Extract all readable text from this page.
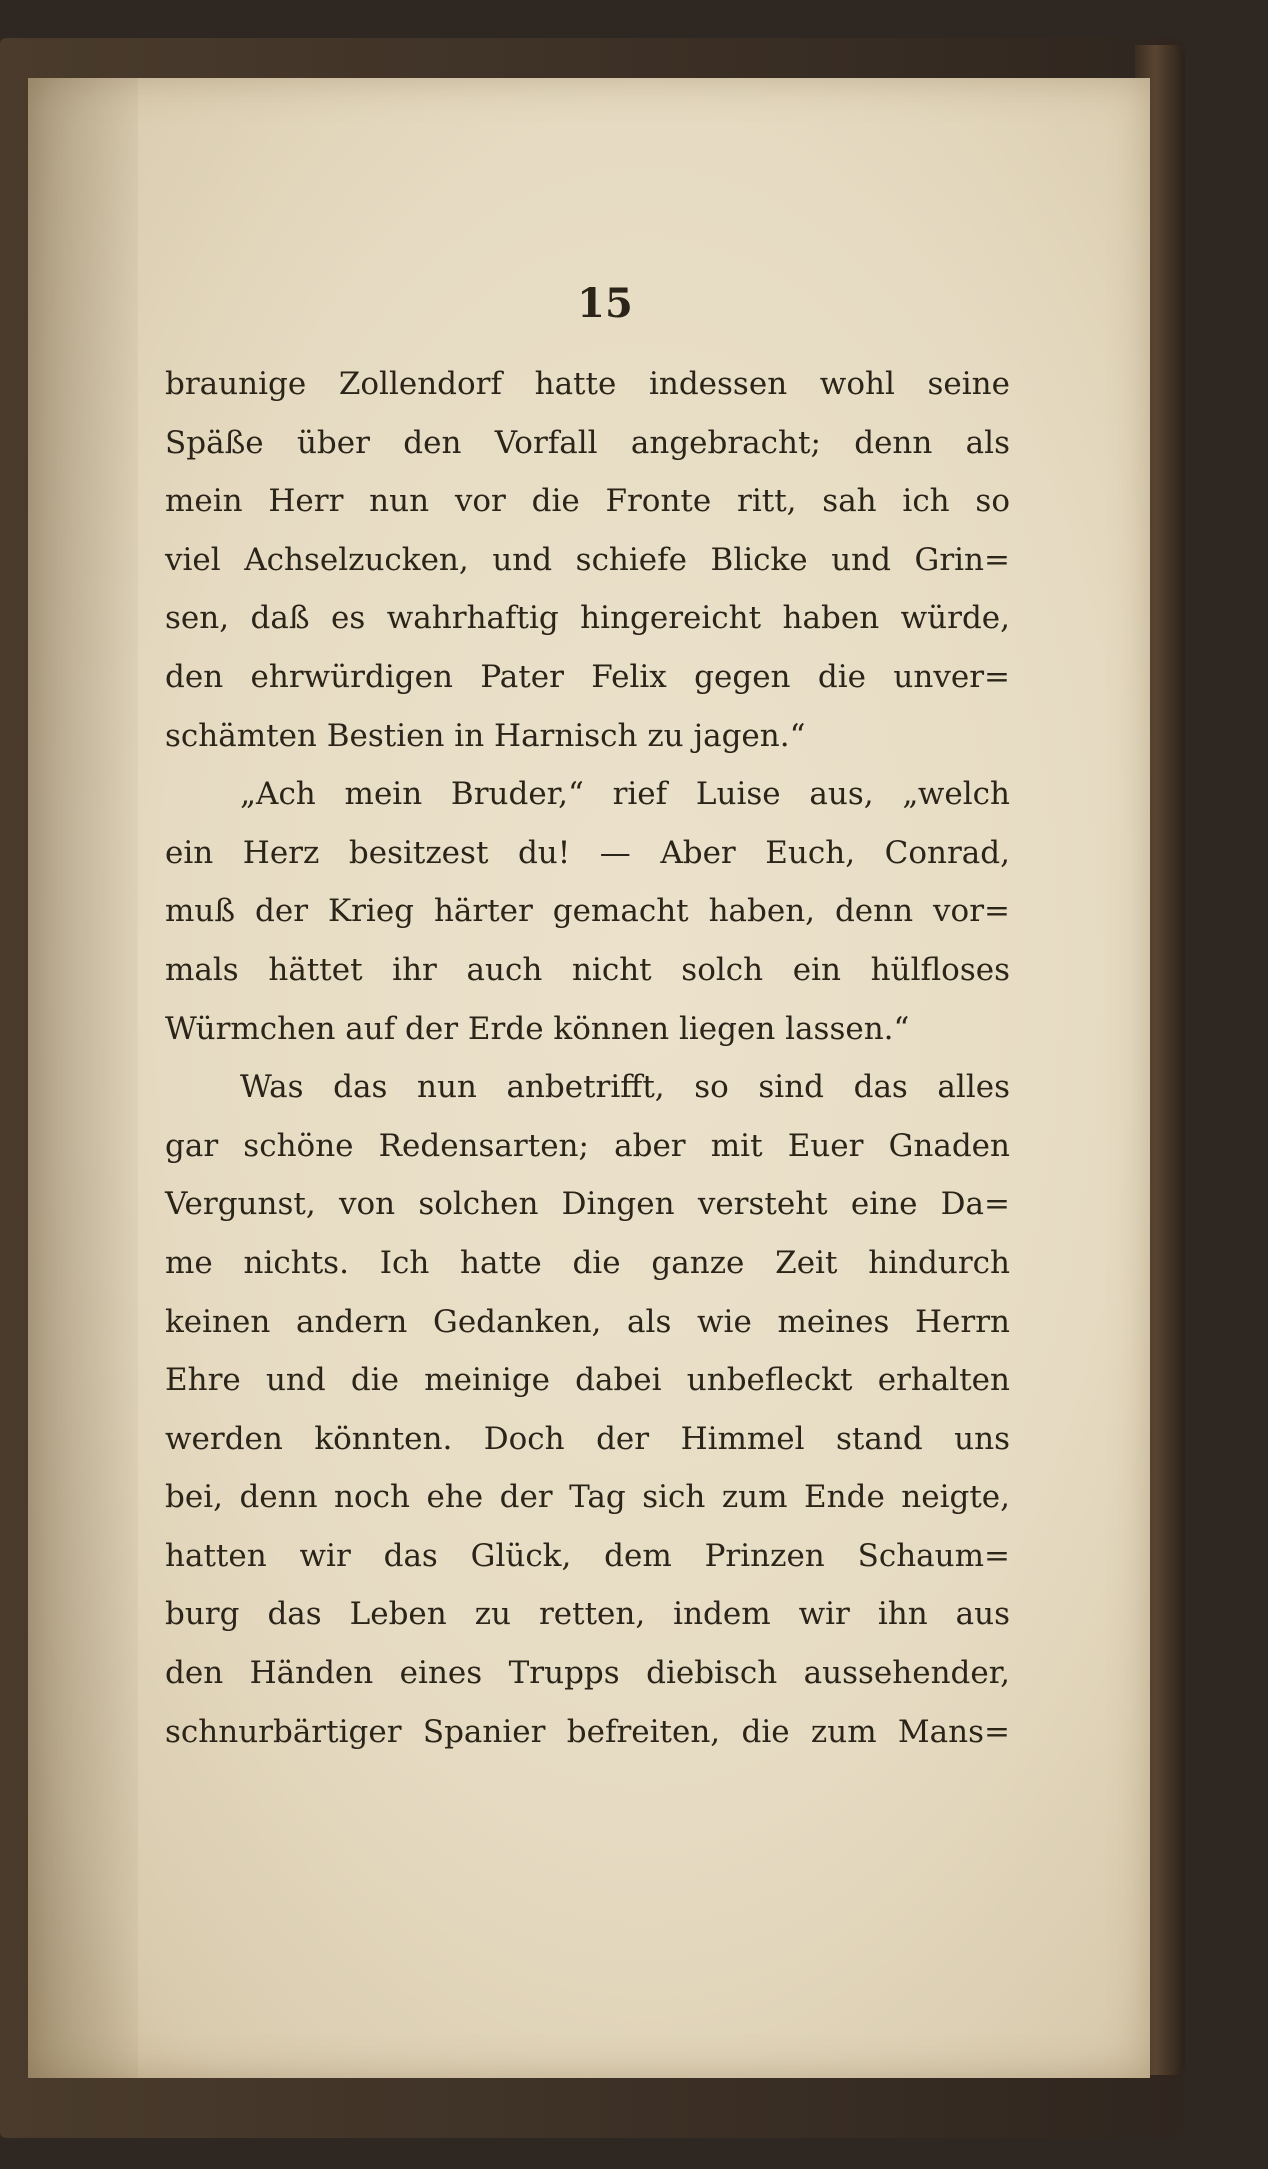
15
braunige Zollendorf hatte indessen wohl seine
Späße über den Vorfall angebracht; denn als
mein Herr nun vor die Fronte ritt, sah ich so
viel Achselzucken, und schiefe Blicke und Grin=
sen, daß es wahrhaftig hingereicht haben würde,
den ehrwürdigen Pater Felix gegen die unver=
schämten Bestien in Harnisch zu jagen.“
„Ach mein Bruder,“ rief Luise aus, „welch
ein Herz besitzest du! — Aber Euch, Conrad,
muß der Krieg härter gemacht haben, denn vor=
mals hättet ihr auch nicht solch ein hülfloses
Würmchen auf der Erde können liegen lassen.“
Was das nun anbetrifft, so sind das alles
gar schöne Redensarten; aber mit Euer Gnaden
Vergunst, von solchen Dingen versteht eine Da=
me nichts. Ich hatte die ganze Zeit hindurch
keinen andern Gedanken, als wie meines Herrn
Ehre und die meinige dabei unbefleckt erhalten
werden könnten. Doch der Himmel stand uns
bei, denn noch ehe der Tag sich zum Ende neigte,
hatten wir das Glück, dem Prinzen Schaum=
burg das Leben zu retten, indem wir ihn aus
den Händen eines Trupps diebisch aussehender,
schnurbärtiger Spanier befreiten, die zum Mans=
